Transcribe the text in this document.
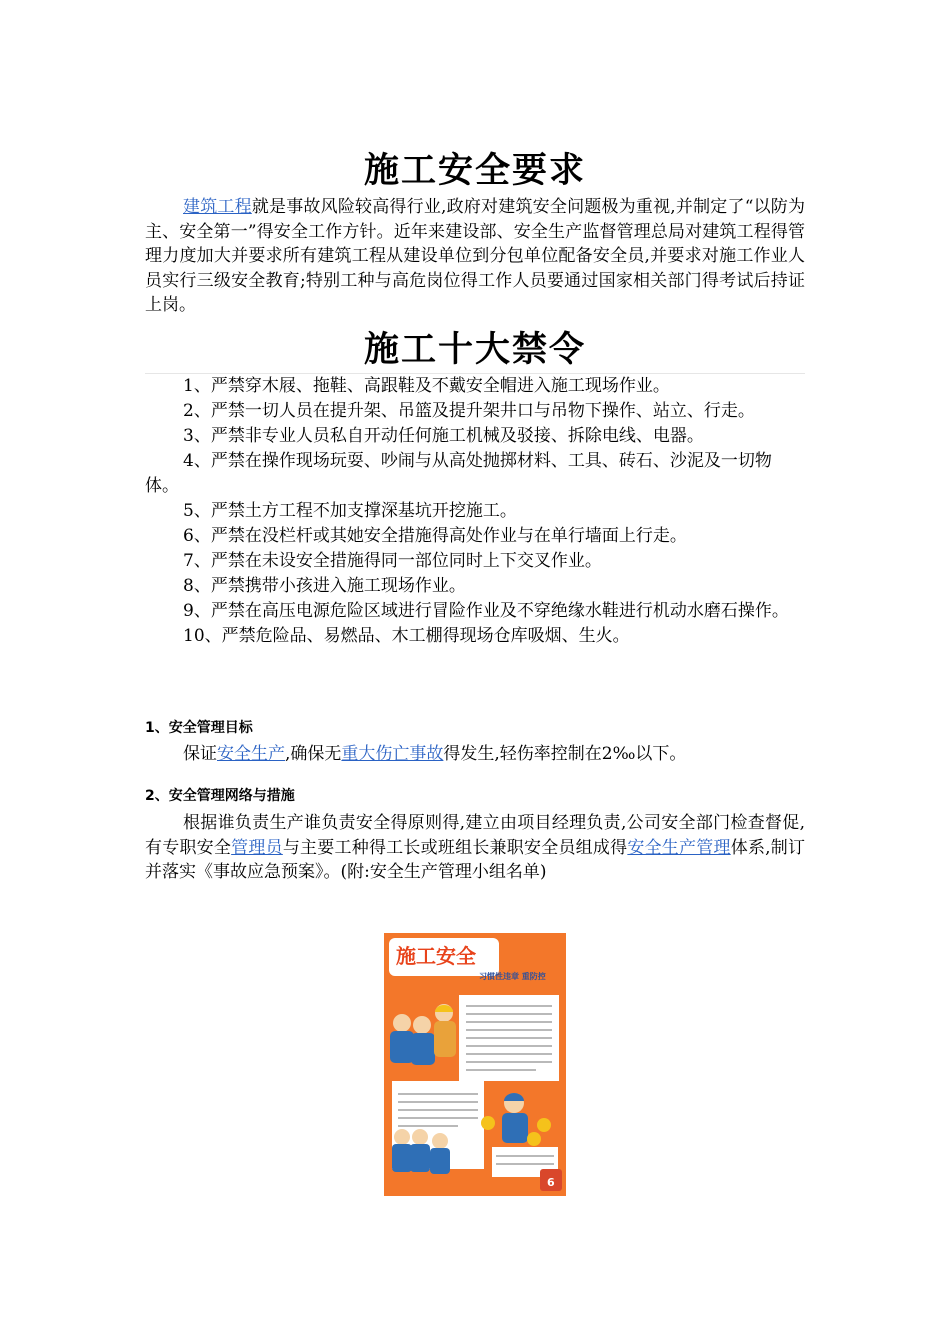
施工安全要求

建筑工程就是事故风险较高得行业,政府对建筑安全问题极为重视,并制定了“以防为主、安全第一”得安全工作方针。近年来建设部、安全生产监督管理总局对建筑工程得管理力度加大并要求所有建筑工程从建设单位到分包单位配备安全员,并要求对施工作业人员实行三级安全教育;特别工种与高危岗位得工作人员要通过国家相关部门得考试后持证上岗。

施工十大禁令

1、严禁穿木屐、拖鞋、高跟鞋及不戴安全帽进入施工现场作业。

2、严禁一切人员在提升架、吊篮及提升架井口与吊物下操作、站立、行走。

3、严禁非专业人员私自开动任何施工机械及驳接、拆除电线、电器。

4、严禁在操作现场玩耍、吵闹与从高处抛掷材料、工具、砖石、沙泥及一切物体。

5、严禁土方工程不加支撑深基坑开挖施工。

6、严禁在没栏杆或其她安全措施得高处作业与在单行墙面上行走。

7、严禁在未设安全措施得同一部位同时上下交叉作业。

8、严禁携带小孩进入施工现场作业。

9、严禁在高压电源危险区域进行冒险作业及不穿绝缘水鞋进行机动水磨石操作。

10、严禁危险品、易燃品、木工棚得现场仓库吸烟、生火。

1、安全管理目标

保证安全生产,确保无重大伤亡事故得发生,轻伤率控制在2‰以下。

2、安全管理网络与措施

根据谁负责生产谁负责安全得原则得,建立由项目经理负责,公司安全部门检查督促,有专职安全管理员与主要工种得工长或班组长兼职安全员组成得安全生产管理体系,制订并落实《事故应急预案》。(附:安全生产管理小组名单)

施工安全
习惯性违章 重防控
6
